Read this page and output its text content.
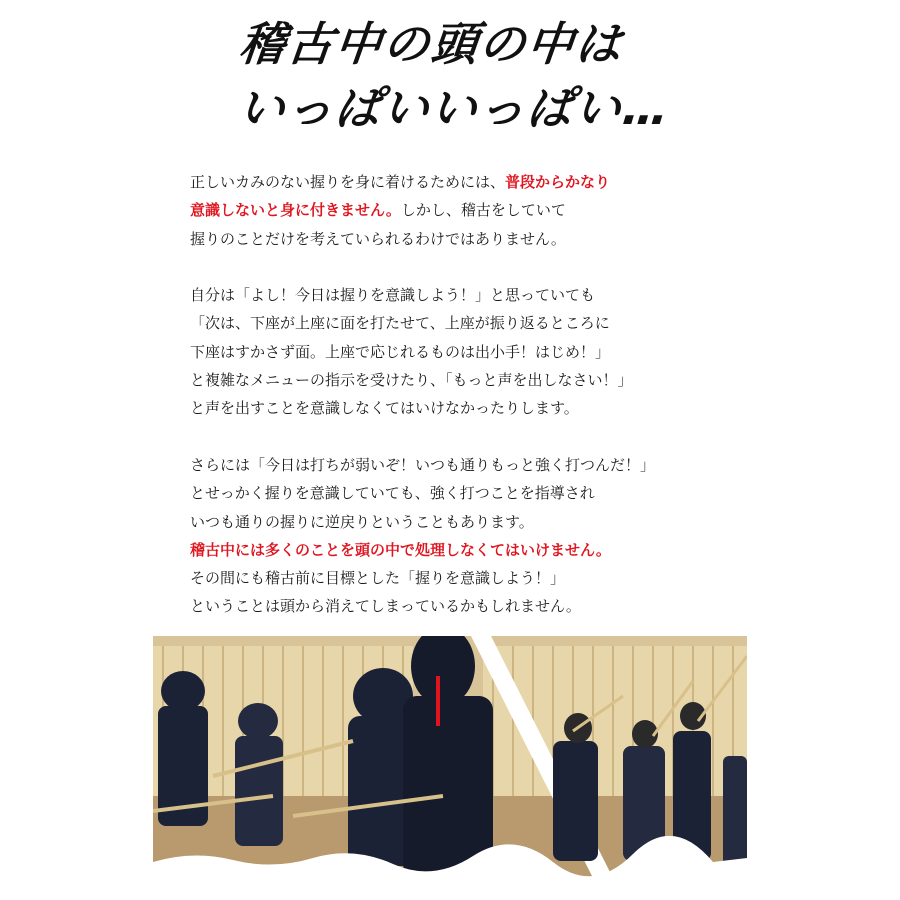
稽古中の頭の中は
いっぱいいっぱい…
正しいカみのない握りを身に着けるためには、普段からかなり
意識しないと身に付きません。しかし、稽古をしていて
握りのことだけを考えていられるわけではありません。
自分は「よし！今日は握りを意識しよう！」と思っていても
「次は、下座が上座に面を打たせて、上座が振り返るところに
下座はすかさず面。上座で応じれるものは出小手！はじめ！」
と複雑なメニューの指示を受けたり、「もっと声を出しなさい！」
と声を出すことを意識しなくてはいけなかったりします。
さらには「今日は打ちが弱いぞ！いつも通りもっと強く打つんだ！」
とせっかく握りを意識していても、強く打つことを指導され
いつも通りの握りに逆戻りということもあります。
稽古中には多くのことを頭の中で処理しなくてはいけません。
その間にも稽古前に目標とした「握りを意識しよう！」
ということは頭から消えてしまっているかもしれません。
